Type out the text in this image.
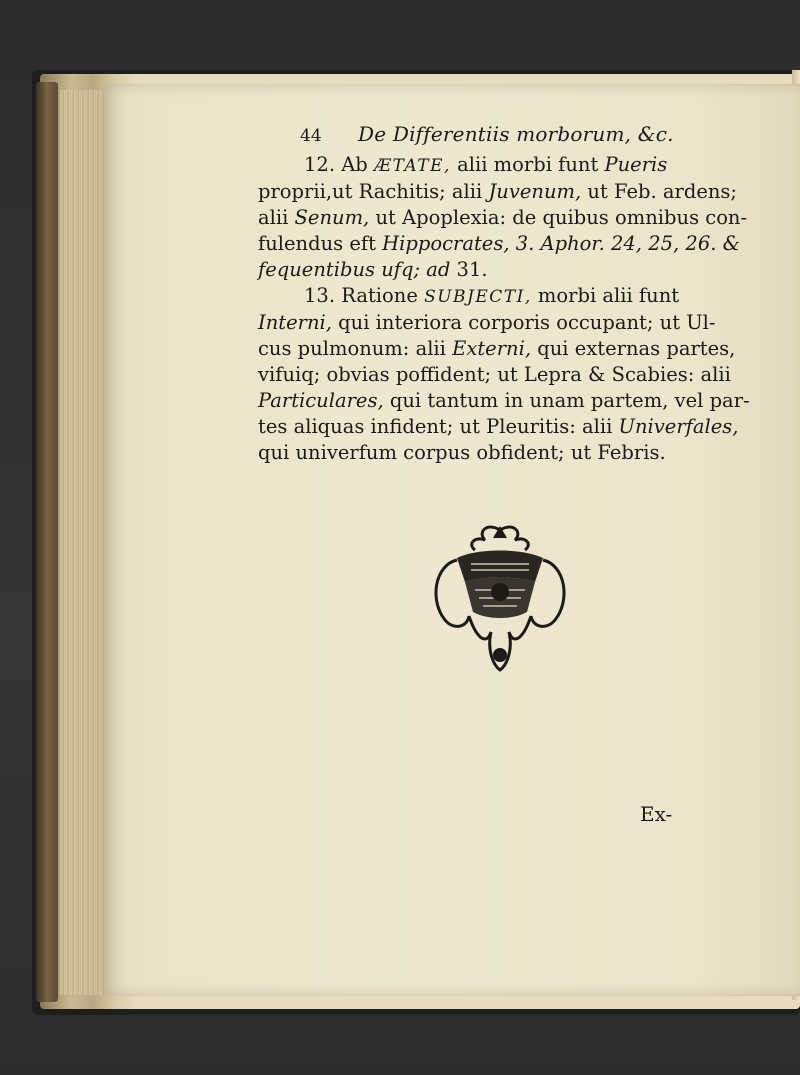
44 De Differentiis morborum, &c.
12. Ab ÆTATE, alii morbi funt Pueris
proprii,ut Rachitis; alii Juvenum, ut Feb. ardens;
alii Senum, ut Apoplexia: de quibus omnibus con-
fulendus eft Hippocrates, 3. Aphor. 24, 25, 26. &
fequentibus ufq; ad 31.
13. Ratione SUBJECTI, morbi alii funt
Interni, qui interiora corporis occupant; ut Ul-
cus pulmonum: alii Externi, qui externas partes,
vifuiq; obvias poffident; ut Lepra & Scabies: alii
Particulares, qui tantum in unam partem, vel par-
tes aliquas infident; ut Pleuritis: alii Univerfales,
qui univerfum corpus obfident; ut Febris.
Ex-
